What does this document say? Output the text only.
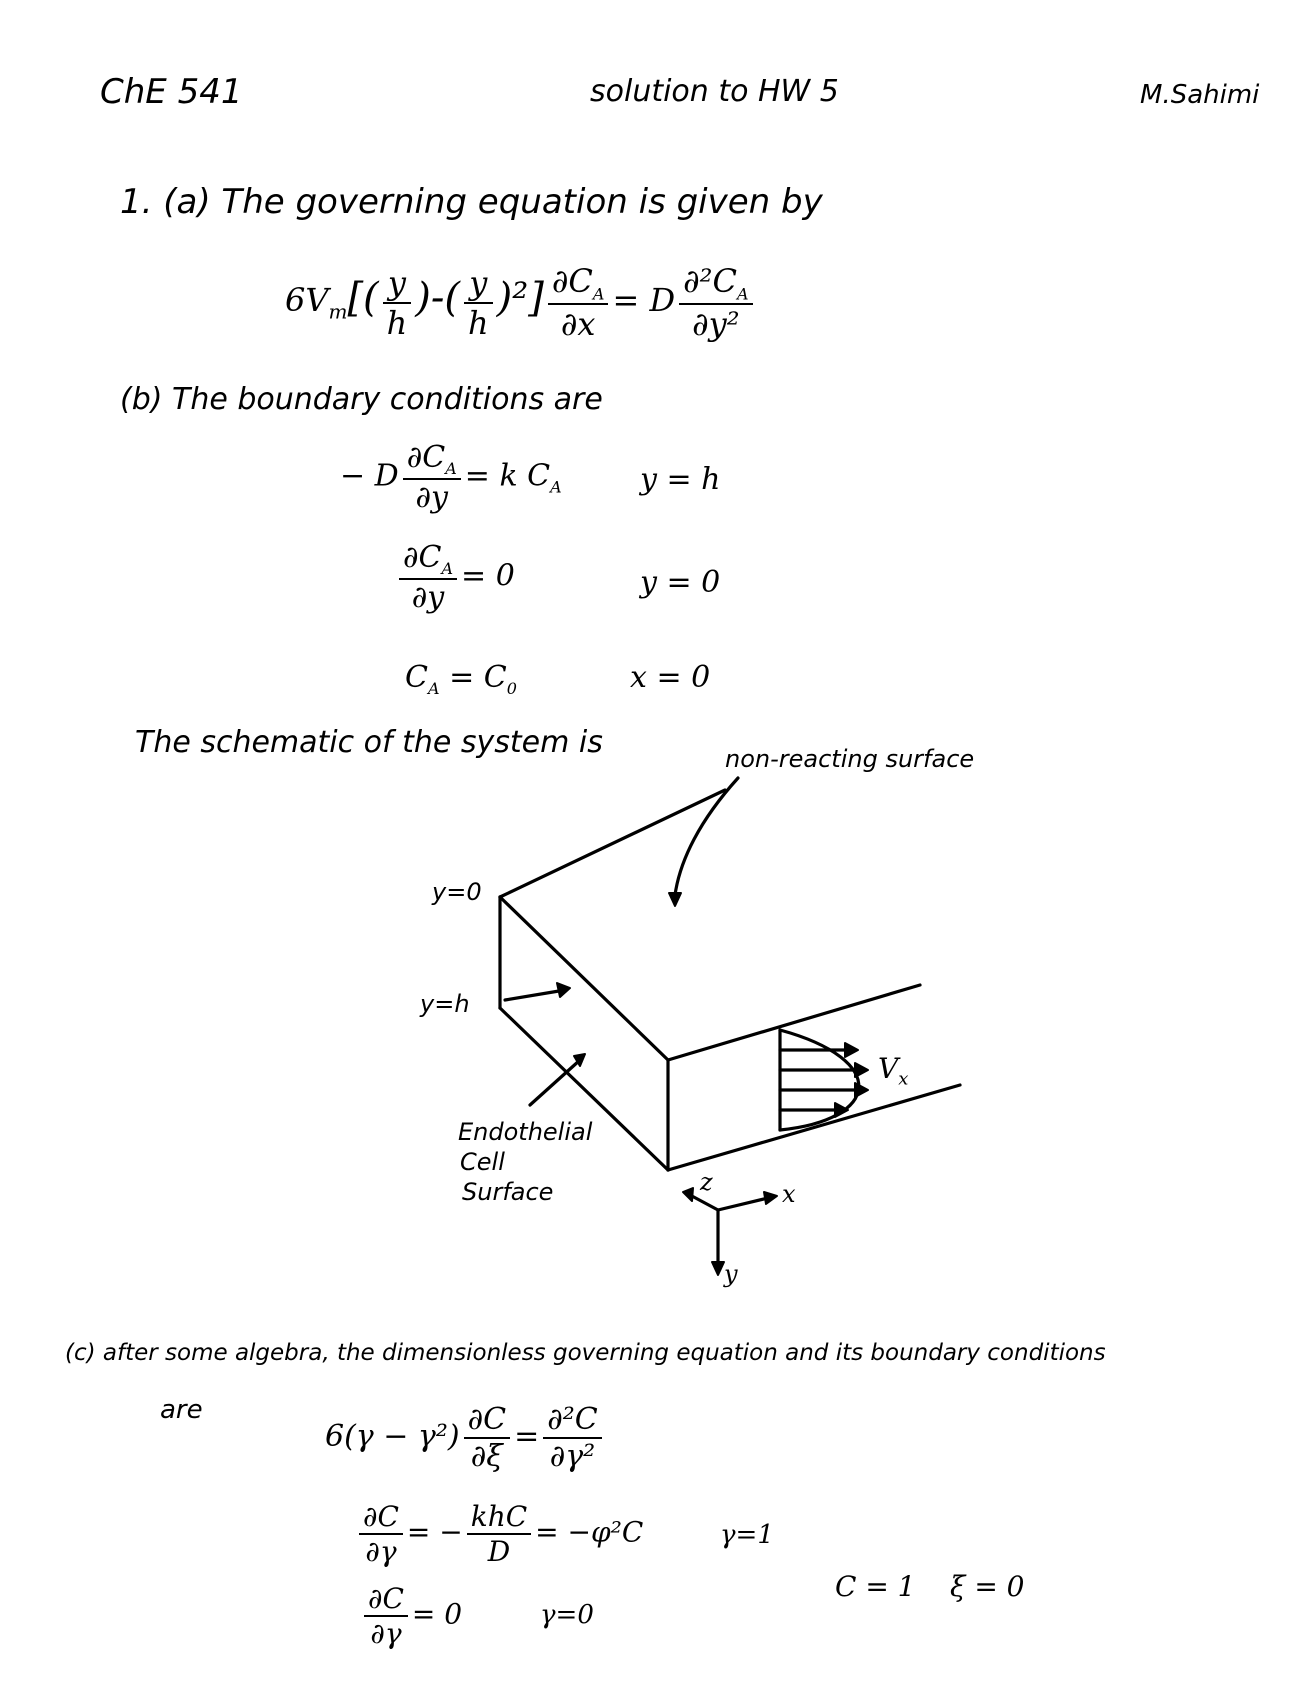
ChE 541	solution to HW 5	M.Sahimi
1. (a) The governing equation is given by
$6V_m[( \frac{y}{h}$ )-( $\frac{y}{h} )^2] \frac{\partial C_A}{\partial x} = D \frac{\partial^2C_A}{\text{∂y²}}$
(b) The boundary conditions are
− D $\frac{\partial C_A}{\partial y} = k$ $C_A$	y = h
$\frac{\partial C_A}{\partial y} = 0$	y = 0
$C_A = C_0$	x = 0
The schematic of the system is	non-reacting surface
y=0
y=h
$V_x$
Endothelial
Cell
Surface	z	x
y
(c) after some algebra, the dimensionless governing equation and its boundary conditions
are
$6(\gamma - \gamma^2) \frac{\partial C}{\partial\xi} = \frac{\text{∂²C}}{\text{∂γ²}}$
$\frac{\partial C}{\partial\gamma}$ = − $\frac{\text{khC}}{D} = -\varphi^2C$	γ=1
$\frac{\partial C}{\partial\gamma} = 0$	γ=0
C = 1 ξ = 0
